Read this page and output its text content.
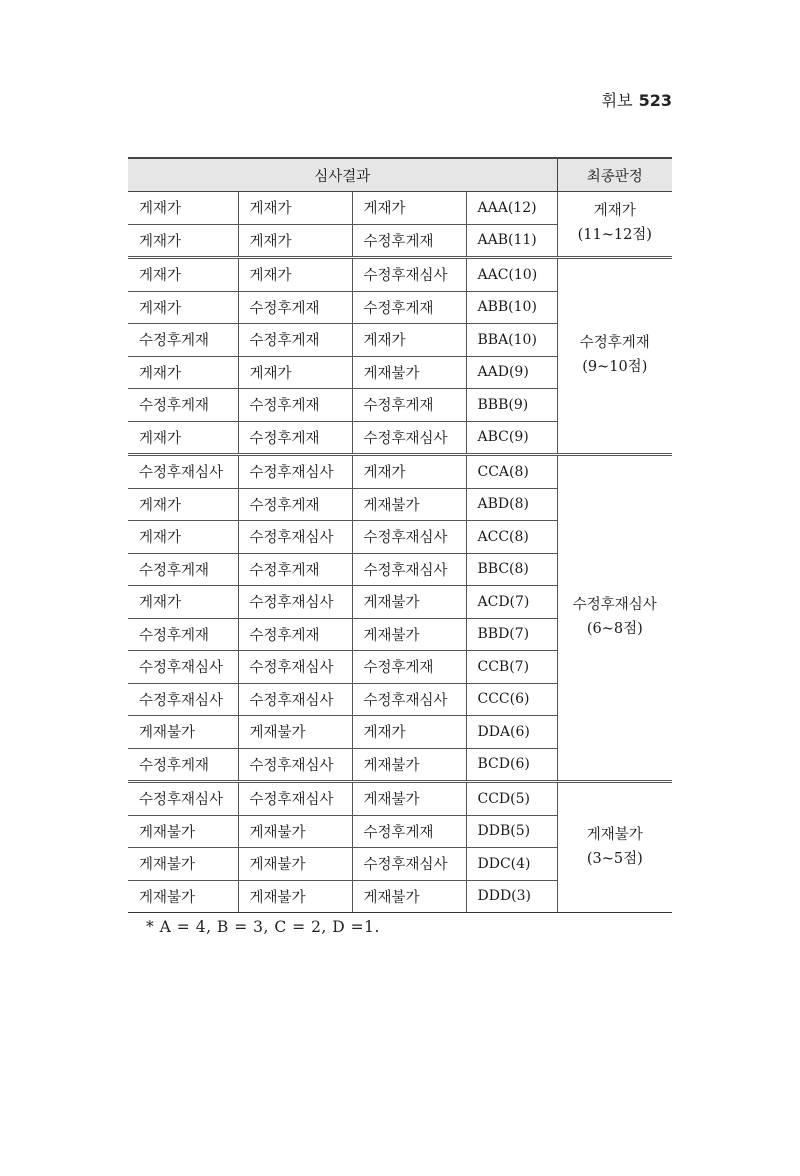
휘보 523
심사결과				최종판정
게재가	게재가	게재가	AAA(12)	게재가
(11~12점)

게재가	게재가	수정후게재	AAB(11)	
게재가	게재가	수정후재심사	AAC(10)	수정후게재
(9~10점)

게재가	수정후게재	수정후게재	ABB(10)	
수정후게재	수정후게재	게재가	BBA(10)	
게재가	게재가	게재불가	AAD(9)	
수정후게재	수정후게재	수정후게재	BBB(9)	
게재가	수정후게재	수정후재심사	ABC(9)	
수정후재심사	수정후재심사	게재가	CCA(8)	수정후재심사
(6~8점)

게재가	수정후게재	게재불가	ABD(8)	
게재가	수정후재심사	수정후재심사	ACC(8)	
수정후게재	수정후게재	수정후재심사	BBC(8)	
게재가	수정후재심사	게재불가	ACD(7)	
수정후게재	수정후게재	게재불가	BBD(7)	
수정후재심사	수정후재심사	수정후게재	CCB(7)	
수정후재심사	수정후재심사	수정후재심사	CCC(6)	
게재불가	게재불가	게재가	DDA(6)	
수정후게재	수정후재심사	게재불가	BCD(6)	
수정후재심사	수정후재심사	게재불가	CCD(5)	게재불가
(3~5점)

게재불가	게재불가	수정후게재	DDB(5)	
게재불가	게재불가	수정후재심사	DDC(4)	
게재불가	게재불가	게재불가	DDD(3)	
* A = 4, B = 3, C = 2, D =1.
